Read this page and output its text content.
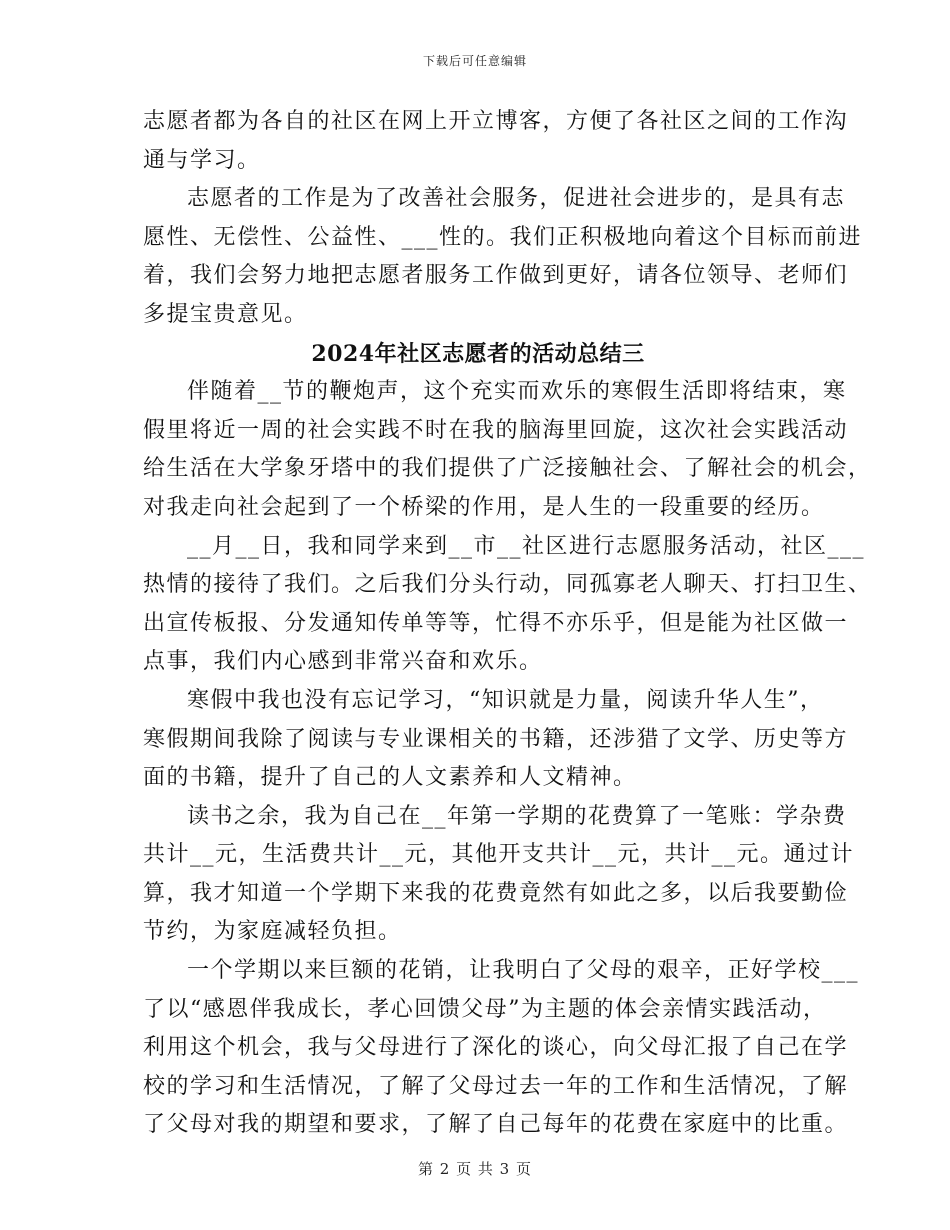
下载后可任意编辑
志愿者都为各自的社区在网上开立博客，方便了各社区之间的工作沟
通与学习。
志愿者的工作是为了改善社会服务，促进社会进步的，是具有志
愿性、无偿性、公益性、___性的。我们正积极地向着这个目标而前进
着，我们会努力地把志愿者服务工作做到更好，请各位领导、老师们
多提宝贵意见。
2024年社区志愿者的活动总结三
伴随着__节的鞭炮声，这个充实而欢乐的寒假生活即将结束，寒
假里将近一周的社会实践不时在我的脑海里回旋，这次社会实践活动
给生活在大学象牙塔中的我们提供了广泛接触社会、了解社会的机会，
对我走向社会起到了一个桥梁的作用，是人生的一段重要的经历。
__月__日，我和同学来到__市__社区进行志愿服务活动，社区___
热情的接待了我们。之后我们分头行动，同孤寡老人聊天、打扫卫生、
出宣传板报、分发通知传单等等，忙得不亦乐乎，但是能为社区做一
点事，我们内心感到非常兴奋和欢乐。
寒假中我也没有忘记学习，“知识就是力量，阅读升华人生”，
寒假期间我除了阅读与专业课相关的书籍，还涉猎了文学、历史等方
面的书籍，提升了自己的人文素养和人文精神。
读书之余，我为自己在__年第一学期的花费算了一笔账：学杂费
共计__元，生活费共计__元，其他开支共计__元，共计__元。通过计
算，我才知道一个学期下来我的花费竟然有如此之多，以后我要勤俭
节约，为家庭减轻负担。
一个学期以来巨额的花销，让我明白了父母的艰辛，正好学校___
了以“感恩伴我成长，孝心回馈父母”为主题的体会亲情实践活动，
利用这个机会，我与父母进行了深化的谈心，向父母汇报了自己在学
校的学习和生活情况，了解了父母过去一年的工作和生活情况，了解
了父母对我的期望和要求，了解了自己每年的花费在家庭中的比重。
第 2 页 共 3 页
